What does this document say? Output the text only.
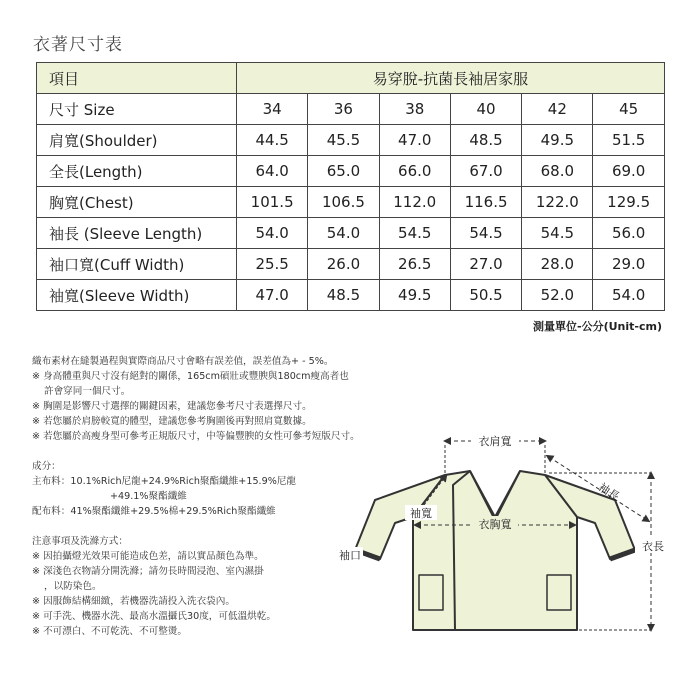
衣著尺寸表
項目	易穿脫-抗菌長袖居家服					
尺寸 Size	34	36	38	40	42	45
肩寬(Shoulder)	44.5	45.5	47.0	48.5	49.5	51.5
全長(Length)	64.0	65.0	66.0	67.0	68.0	69.0
胸寬(Chest)	101.5	106.5	112.0	116.5	122.0	129.5
袖長 (Sleeve Length)	54.0	54.0	54.5	54.5	54.5	56.0
袖口寬(Cuff Width)	25.5	26.0	26.5	27.0	28.0	29.0
袖寬(Sleeve Width)	47.0	48.5	49.5	50.5	52.0	54.0
測量單位-公分(Unit-cm)

織布素材在縫製過程與實際商品尺寸會略有誤差值，誤差值為+ - 5%。

※ 身高體重與尺寸沒有絕對的關係，165cm碩壯或豐腴與180cm瘦高者也

許會穿同一個尺寸。

※ 胸圍是影響尺寸選擇的關鍵因素，建議您參考尺寸表選擇尺寸。

※ 若您屬於肩膀較寬的體型，建議您參考胸圍後再對照肩寬數據。

※ 若您屬於高瘦身型可參考正規版尺寸，中等偏豐腴的女性可參考短版尺寸。

成分：

主布料：10.1%Rich尼龍+24.9%Rich聚酯纖維+15.9%尼龍

+49.1%聚酯纖維

配布料：41%聚酯纖維+29.5%棉+29.5%Rich聚酯纖維

注意事項及洗滌方式：

※ 因拍攝燈光效果可能造成色差，請以實品顏色為準。

※ 深淺色衣物請分開洗滌；請勿長時間浸泡、室內濕掛

，以防染色。

※ 因服飾結構細緻，若機器洗請投入洗衣袋內。

※ 可手洗、機器水洗、最高水溫攝氏30度，可低溫烘乾。

※ 不可漂白、不可乾洗、不可整燙。

衣肩寬
袖長
袖寬
衣胸寬
袖口
衣長
